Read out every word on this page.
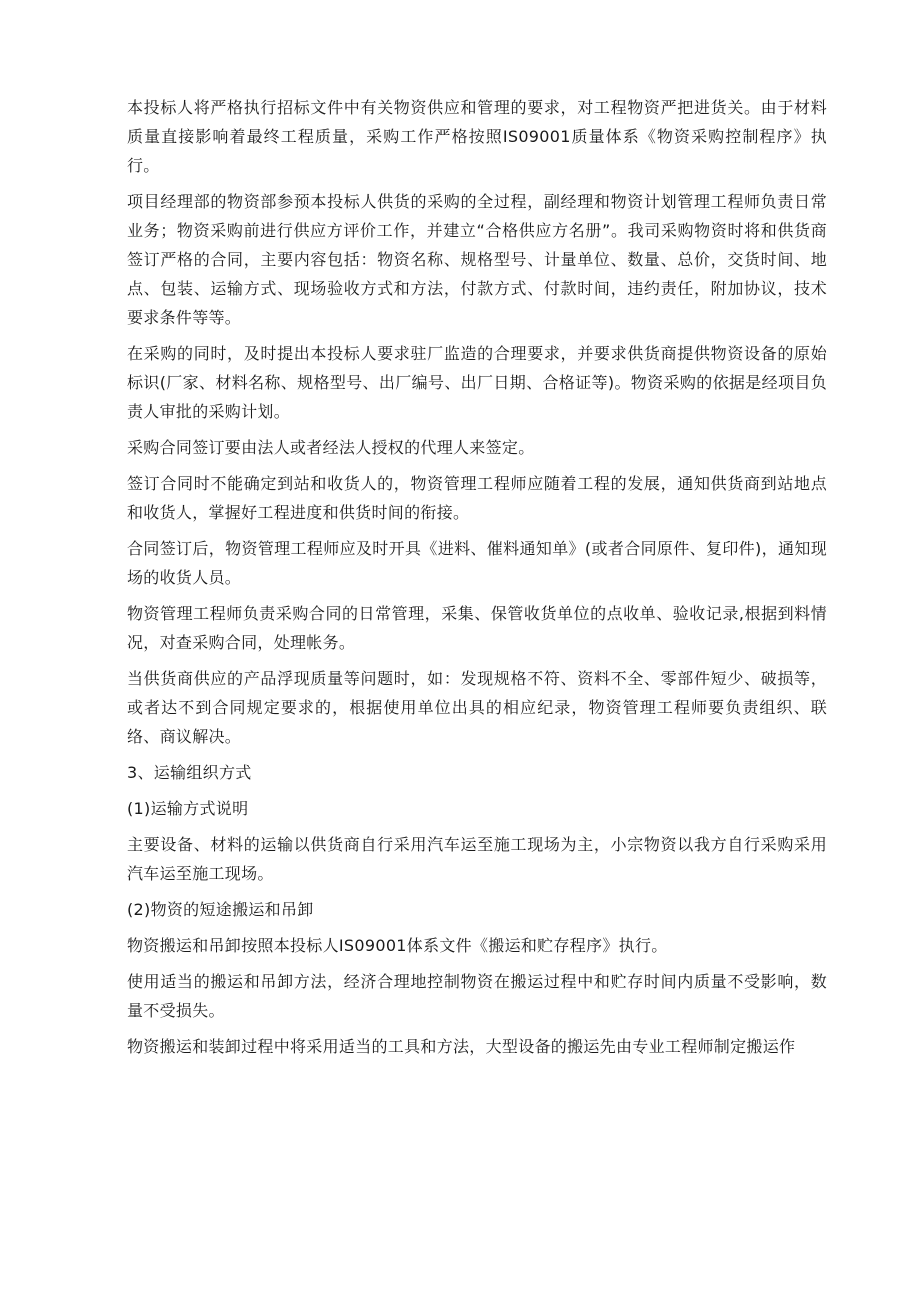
本投标人将严格执行招标文件中有关物资供应和管理的要求，对工程物资严把进货关。由于材料质量直接影响着最终工程质量，采购工作严格按照IS09001质量体系《物资采购控制程序》执行。

项目经理部的物资部参预本投标人供货的采购的全过程，副经理和物资计划管理工程师负责日常业务；物资采购前进行供应方评价工作，并建立“合格供应方名册”。我司采购物资时将和供货商签订严格的合同，主要内容包括：物资名称、规格型号、计量单位、数量、总价，交货时间、地点、包装、运输方式、现场验收方式和方法，付款方式、付款时间，违约责任，附加协议，技术要求条件等等。

在采购的同时，及时提出本投标人要求驻厂监造的合理要求，并要求供货商提供物资设备的原始标识(厂家、材料名称、规格型号、出厂编号、出厂日期、合格证等)。物资采购的依据是经项目负责人审批的采购计划。

采购合同签订要由法人或者经法人授权的代理人来签定。

签订合同时不能确定到站和收货人的，物资管理工程师应随着工程的发展，通知供货商到站地点和收货人，掌握好工程进度和供货时间的衔接。

合同签订后，物资管理工程师应及时开具《进料、催料通知单》(或者合同原件、复印件)，通知现场的收货人员。

物资管理工程师负责采购合同的日常管理，采集、保管收货单位的点收单、验收记录,根据到料情况，对查采购合同，处理帐务。

当供货商供应的产品浮现质量等问题时，如：发现规格不符、资料不全、零部件短少、破损等，或者达不到合同规定要求的，根据使用单位出具的相应纪录，物资管理工程师要负责组织、联络、商议解决。

3、运输组织方式

(1)运输方式说明

主要设备、材料的运输以供货商自行采用汽车运至施工现场为主，小宗物资以我方自行采购采用汽车运至施工现场。

(2)物资的短途搬运和吊卸

物资搬运和吊卸按照本投标人IS09001体系文件《搬运和贮存程序》执行。

使用适当的搬运和吊卸方法，经济合理地控制物资在搬运过程中和贮存时间内质量不受影响，数量不受损失。

物资搬运和装卸过程中将采用适当的工具和方法，大型设备的搬运先由专业工程师制定搬运作
